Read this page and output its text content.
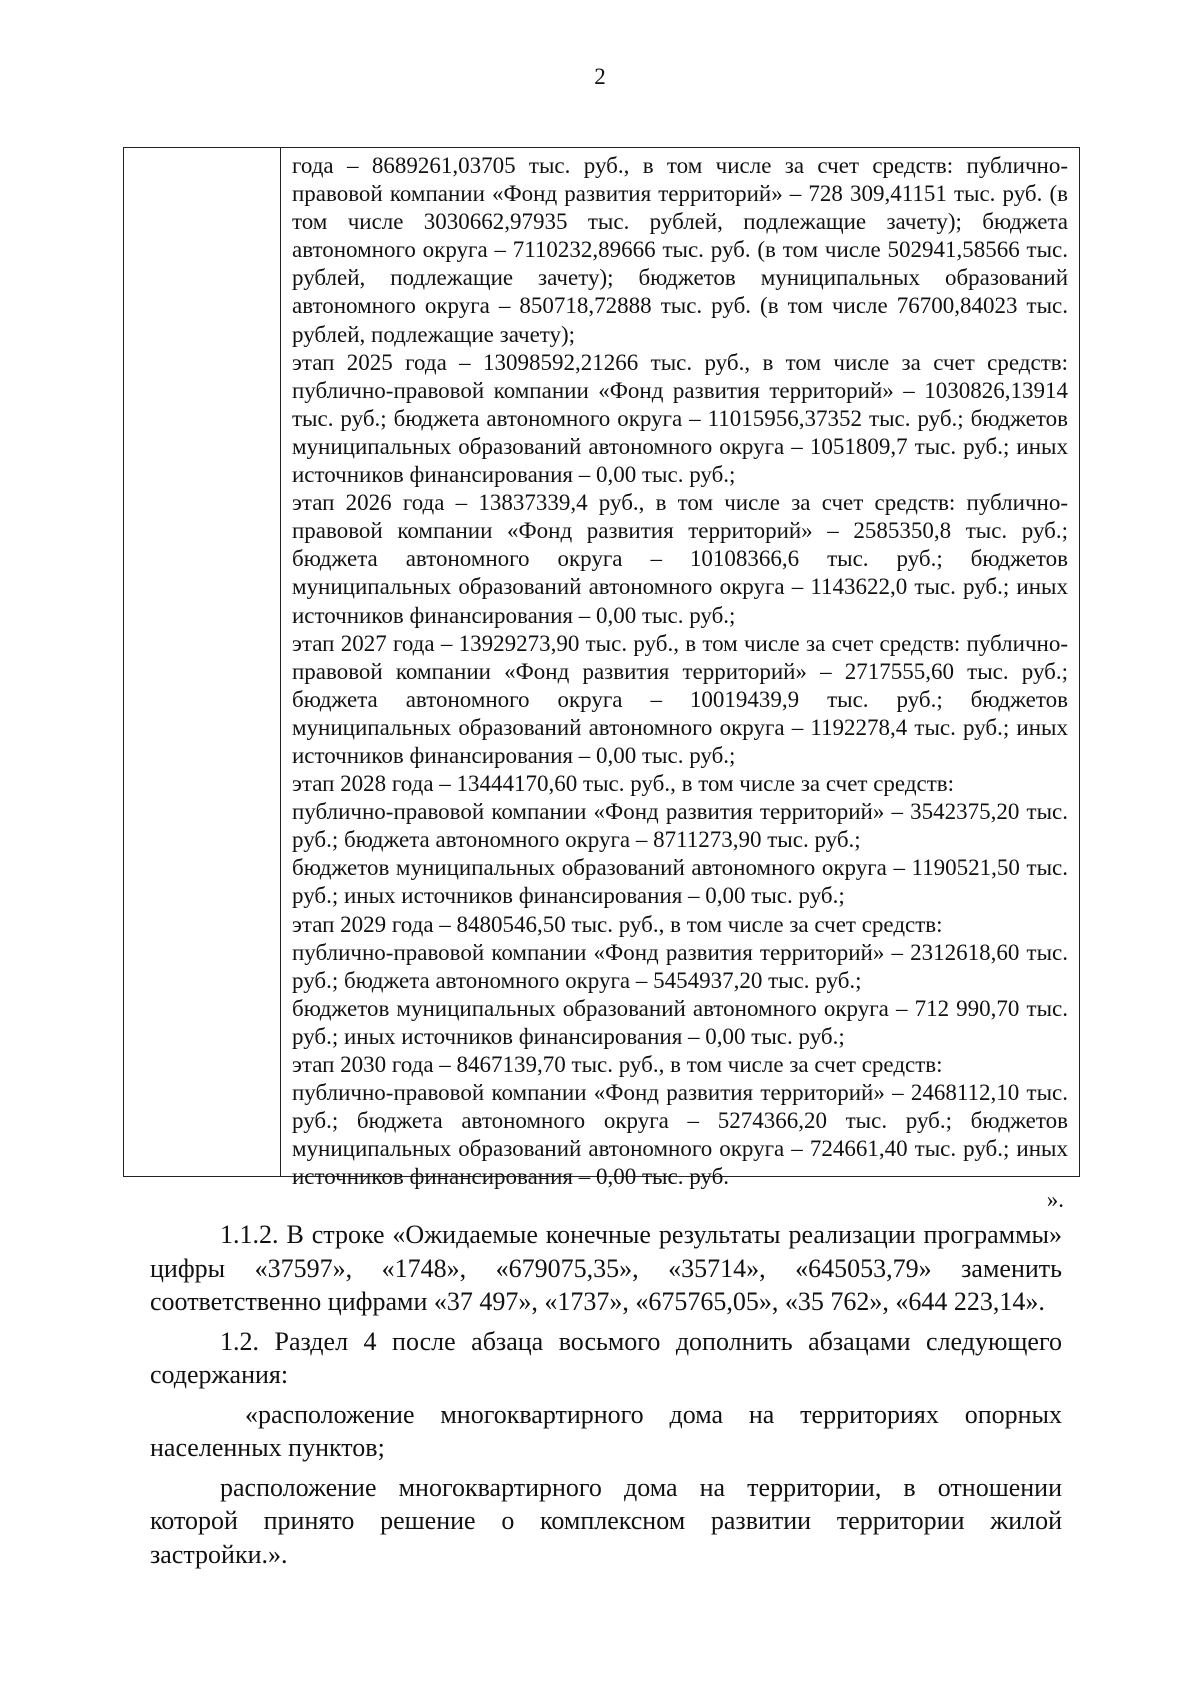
2

года – 8689261,03705 тыс. руб., в том числе за счет средств: публично-правовой компании «Фонд развития территорий» – 728 309,41151 тыс. руб. (в том числе 3030662,97935 тыс. рублей, подлежащие зачету); бюджета автономного округа – 7110232,89666 тыс. руб. (в том числе 502941,58566 тыс. рублей, подлежащие зачету); бюджетов муниципальных образований автономного округа – 850718,72888 тыс. руб. (в том числе 76700,84023 тыс. рублей, подлежащие зачету);

этап 2025 года – 13098592,21266 тыс. руб., в том числе за счет средств: публично-правовой компании «Фонд развития территорий» – 1030826,13914 тыс. руб.; бюджета автономного округа – 11015956,37352 тыс. руб.; бюджетов муниципальных образований автономного округа – 1051809,7 тыс. руб.; иных источников финансирования – 0,00 тыс. руб.;

этап 2026 года – 13837339,4 руб., в том числе за счет средств: публично-правовой компании «Фонд развития территорий» – 2585350,8 тыс. руб.; бюджета автономного округа – 10108366,6 тыс. руб.; бюджетов муниципальных образований автономного округа – 1143622,0 тыс. руб.; иных источников финансирования – 0,00 тыс. руб.;

этап 2027 года – 13929273,90 тыс. руб., в том числе за счет средств: публично-правовой компании «Фонд развития территорий» – 2717555,60 тыс. руб.; бюджета автономного округа – 10019439,9 тыс. руб.; бюджетов муниципальных образований автономного округа – 1192278,4 тыс. руб.; иных источников финансирования – 0,00 тыс. руб.;

этап 2028 года – 13444170,60 тыс. руб., в том числе за счет средств:

публично-правовой компании «Фонд развития территорий» – 3542375,20 тыс. руб.; бюджета автономного округа – 8711273,90 тыс. руб.;

бюджетов муниципальных образований автономного округа – 1190521,50 тыс. руб.; иных источников финансирования – 0,00 тыс. руб.;

этап 2029 года – 8480546,50 тыс. руб., в том числе за счет средств:

публично-правовой компании «Фонд развития территорий» – 2312618,60 тыс. руб.; бюджета автономного округа – 5454937,20 тыс. руб.;

бюджетов муниципальных образований автономного округа – 712 990,70 тыс. руб.; иных источников финансирования – 0,00 тыс. руб.;

этап 2030 года – 8467139,70 тыс. руб., в том числе за счет средств:

публично-правовой компании «Фонд развития территорий» – 2468112,10 тыс. руб.; бюджета автономного округа – 5274366,20 тыс. руб.; бюджетов муниципальных образований автономного округа – 724661,40 тыс. руб.; иных источников финансирования – 0,00 тыс. руб.

».

1.1.2. В строке «Ожидаемые конечные результаты реализации программы» цифры «37597», «1748», «679075,35», «35714», «645053,79» заменить соответственно цифрами «37 497», «1737», «675765,05», «35 762», «644 223,14».

1.2. Раздел 4 после абзаца восьмого дополнить абзацами следующего содержания:

«расположение многоквартирного дома на территориях опорных населенных пунктов;

расположение многоквартирного дома на территории, в отношении которой принято решение о комплексном развитии территории жилой застройки.».
